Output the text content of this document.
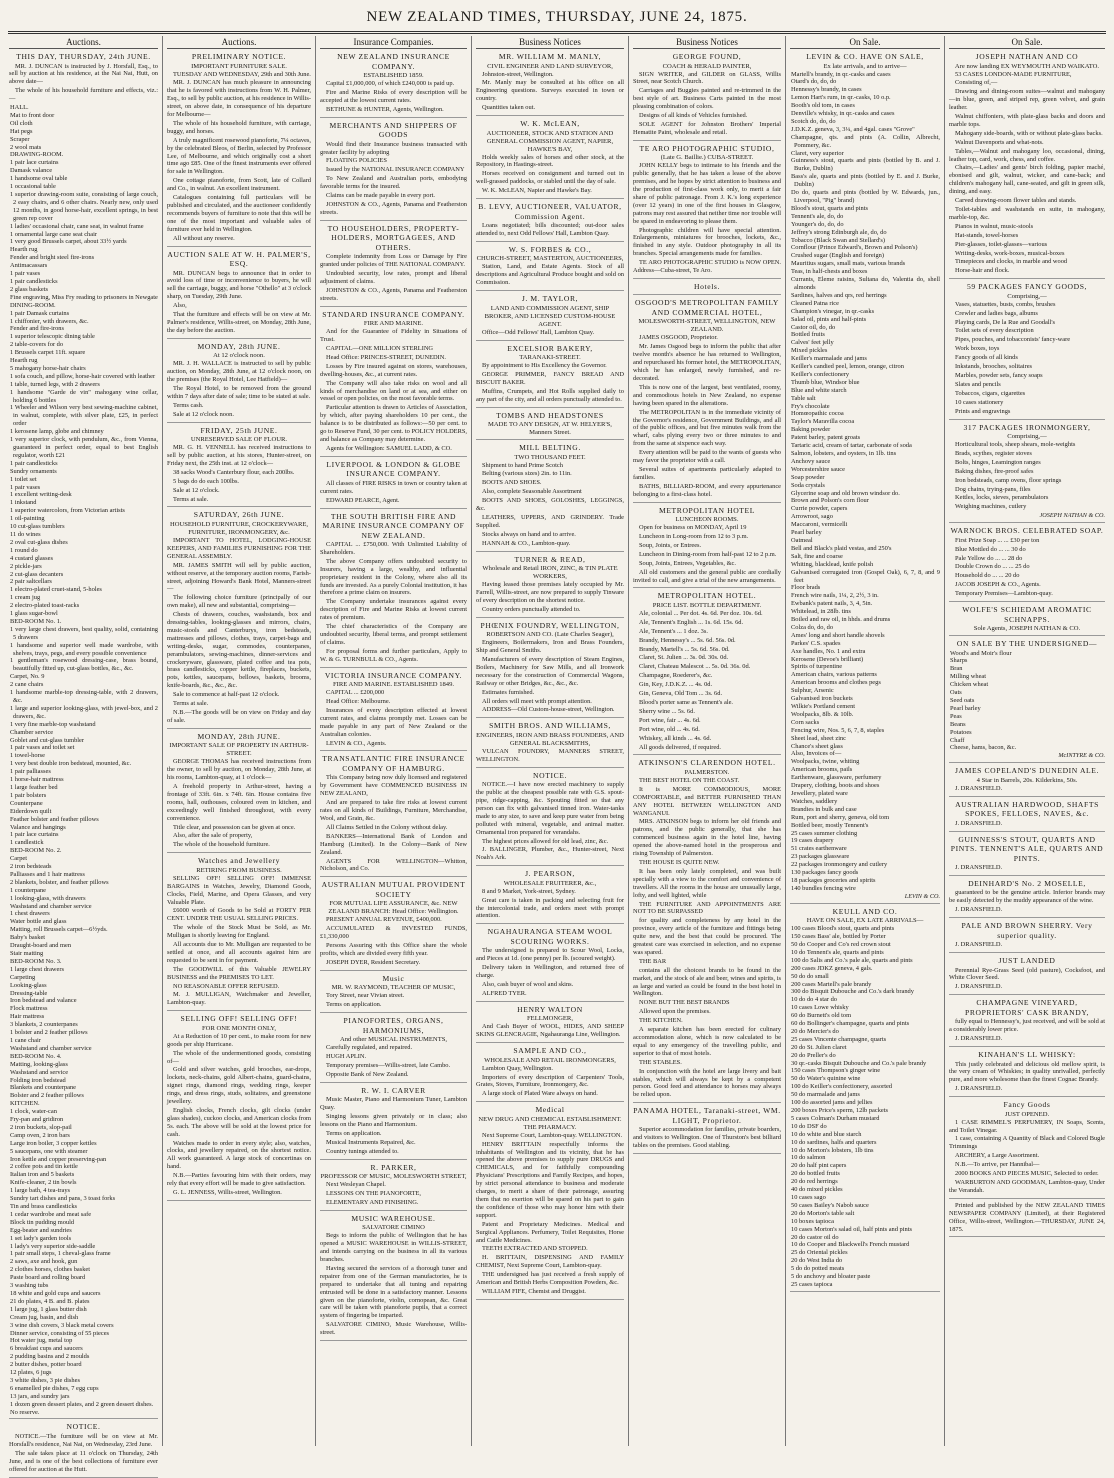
NEW ZEALAND TIMES, THURSDAY, JUNE 24, 1875.
Auctions.
THIS DAY, THURSDAY, 24th JUNE.

MR. J. DUNCAN is instructed by J. Horsfall, Esq., to sell by auction at his residence, at the Nai Nai, Hutt, on above date—

The whole of his household furniture and effects, viz.:—

HALL.
Mat to front door
Oil cloth
Hat pegs
Scraper
2 wool mats
DRAWING-ROOM.
1 pair lace curtains
Damask valance
1 handsome oval table
1 occasional table
1 superior drawing-room suite, consisting of large couch, 2 easy chairs, and 6 other chairs. Nearly new, only used 12 months, in good horse-hair, excellent springs, in best green rep cover
1 ladies' occasional chair, cane seat, in walnut frame
1 ornamental large cane seat chair
1 very good Brussels carpet, about 33½ yards
Hearth rug
Fender and bright steel fire-irons
Antimacassars
1 pair vases
1 pair candlesticks
2 glass baskets
Fine engraving, Miss Fry reading to prisoners in Newgate
DINING-ROOM.
1 pair Damask curtains
1 chiffonier, with drawers, &c.
Fender and fire-irons
1 superior telescopic dining table
2 table-covers for do
1 Brussels carpet 11ft. square
Hearth rug
5 mahogany horse-hair chairs
1 sofa couch, and pillow, horse-hair covered with leather
1 table, turned legs, with 2 drawers
1 handsome "Garde de vin" mahogany wine cellar, holding 6 bottles
1 Wheeler and Wilson very best sewing-machine cabinet, in walnut, complete, with silver plate, £25, in perfect order
1 kerosene lamp, globe and chimney
1 very superior clock, with pendulum, &c., from Vienna, guaranteed in perfect order, equal to best English regulator, worth £21
1 pair candlesticks
Sundry ornaments
1 toilet set
1 pair vases
1 excellent writing-desk
1 inkstand
1 superior watercolors, from Victorian artists
1 oil-painting
10 cut-glass tumblers
11 do wines
2 oval cut-glass dishes
1 round do
4 custard glasses
2 pickle-jars
2 cut-glass decanters
2 pair saltcellars
1 electro-plated cruet-stand, 5-holes
1 cream jug
2 electro-plated toast-racks
1 glass sugar-bowl
BED-ROOM No. 1.
1 very large chest drawers, best quality, solid, containing 5 drawers
1 handsome and superior well made wardrobe, with shelves, trays, pegs, and every possible convenience
1 gentleman's rosewood dressing-case, brass bound, beautifully fitted up, cut-glass bottles, &c., &c.
Carpet, No. 9
2 cane chairs
1 handsome marble-top dressing-table, with 2 drawers, &c.
1 large and superior looking-glass, with jewel-box, and 2 drawers, &c.
1 very fine marble-top washstand
Chamber service
Goblet and cut-glass tumbler
1 pair vases and toilet set
1 towel-horse
1 very best double iron bedstead, mounted, &c.
1 pair palliasses
1 horse-hair mattress
1 large feather bed
1 pair bolsters
Counterpane
Eiderdown quilt
Feather bolster and feather pillows
Valance and hangings
1 pair lace curtains
1 candlestick
BED-ROOM No. 2.
Carpet
2 iron bedsteads
Palliasses and 1 hair mattress
2 blankets, bolster, and feather pillows
1 counterpane
1 looking-glass, with drawers
Washstand and chamber service
1 chest drawers
Water bottle and glass
Matting, roll Brussels carpet—6½yds.
Baby's basket
Draught-board and men
Stair matting
BED-ROOM No. 3.
1 large chest drawers
Carpeting
Looking-glass
Dressing-table
Iron bedstead and valance
Flock mattress
Hair mattress
3 blankets, 2 counterpanes
1 bolster and 2 feather pillows
1 cane chair
Washstand and chamber service
BED-ROOM No. 4.
Matting, looking-glass
Washstand and service
Folding iron bedstead
Blankets and counterpane
Bolster and 2 feather pillows
KITCHEN.
1 clock, water-can
Fry-pan and gridiron
2 iron buckets, slop-pail
Camp oven, 2 iron bars
Large iron boiler, 3 copper kettles
5 saucepans, one with steamer
Iron kettle and copper preserving-pan
2 coffee pots and tin kettle
Italian iron and 5 baskets
Knife-cleaner, 2 tin bowls
1 large bath, 4 tea-trays
Sundry tart dishes and pans, 3 toast forks
Tin and brass candlesticks
1 cedar wardrobe and meat safe
Block tin pudding mould
Egg-beater and sundries
1 set lady's garden tools
1 lady's very superior side-saddle
1 pair small steps, 1 cheval-glass frame
2 saws, axe and hook, gun
2 clothes horses, clothes basket
Paste board and rolling board
3 washing tubs
18 white and gold cups and saucers
21 do plates, 4 B. and B. plates
1 large jug, 1 glass butter dish
Cream jug, basin, and dish
3 wine dish covers, 3 black metal covers
Dinner service, consisting of 55 pieces
Hot water jug, metal top
6 breakfast cups and saucers
2 pudding basins and 2 moulds
2 butter dishes, potter board
12 plates, 6 jugs
3 white dishes, 3 pie dishes
6 enamelled pie dishes, 7 egg cups
13 jars, and sundry jars
1 dozen green dessert plates, and 2 green dessert dishes.
No reserve.
NOTICE.

NOTICE.—The furniture will be on view at Mr. Horsfall's residence, Nai Nai, on Wednesday, 23rd June.

The sale takes place at 11 o'clock on Thursday, 24th June, and is one of the best collections of furniture ever offered for auction at the Hutt.

Auctions.
PRELIMINARY NOTICE.
IMPORTANT FURNITURE SALE.

TUESDAY AND WEDNESDAY, 29th and 30th June.

MR. J. DUNCAN has much pleasure in announcing that he is favored with instructions from W. H. Palmer, Esq., to sell by public auction, at his residence in Willis-street, on above date, in consequence of his departure for Melbourne—

The whole of his household furniture, with carriage, buggy, and horses.

A truly magnificent rosewood pianoforte, 7¼ octaves, by the celebrated Bleos, of Berlin, selected by Professor Lee, of Melbourne, and which originally cost a short time ago £85. One of the finest instruments ever offered for sale in Wellington.

One cottage pianoforte, from Scott, late of Collard and Co., in walnut. An excellent instrument.

Catalogues containing full particulars will be published and circulated, and the auctioneer confidently recommends buyers of furniture to note that this will be one of the most important and valuable sales of furniture ever held in Wellington.

All without any reserve.

AUCTION SALE AT W. H. PALMER'S, ESQ.

MR. DUNCAN begs to announce that in order to avoid loss of time or inconvenience to buyers, he will sell the carriage, buggy, and horse "Othello" at 3 o'clock sharp, on Tuesday, 29th June.

Also,

That the furniture and effects will be on view at Mr. Palmer's residence, Willis-street, on Monday, 28th June, the day before the auction.

MONDAY, 28th JUNE.
At 12 o'clock noon.

MR. J. H. WALLACE is instructed to sell by public auction, on Monday, 28th June, at 12 o'clock noon, on the premises (the Royal Hotel, Lee Hatfield)—

The Royal Hotel, to be removed from the ground within 7 days after date of sale; time to be stated at sale.

Terms cash.

Sale at 12 o'clock noon.

FRIDAY, 25th JUNE.
UNRESERVED SALE OF FLOUR.

MR. G. H. VENNELL has received instructions to sell by public auction, at his stores, Hunter-street, on Friday next, the 25th inst. at 12 o'clock—

38 sacks Wood's Canterbury flour, each 200lbs.

5 bags do do each 100lbs.

Sale at 12 o'clock.

Terms at sale.

SATURDAY, 26th JUNE.
HOUSEHOLD FURNITURE, CROCKERYWARE, FURNITURE, IRONMONGERY, &c.

IMPORTANT TO HOTEL, LODGING-HOUSE KEEPERS, AND FAMILIES FURNISHING FOR THE GENERAL ASSEMBLY.

MR. JAMES SMITH will sell by public auction, without reserve, at the temporary auction rooms, Farish-street, adjoining Howard's Bank Hotel, Manners-street—

The following choice furniture (principally of our own make), all new and substantial, comprising—

Chests of drawers, couches, washstands, box and dressing-tables, looking-glasses and mirrors, chairs, music-stools and Canterburys, iron bedsteads, mattresses and pillows, clothes, trays, carpet-bags and writing-desks, sugar, commodes, counterpanes, perambulators, sewing-machines, dinner-services and crockeryware, glassware, plated coffee and tea pots, brass candlesticks, copper kettle, fireplaces, buckets, pots, kettles, saucepans, bellows, baskets, brooms, knife-boards, &c., &c., &c.

Sale to commence at half-past 12 o'clock.

Terms at sale.

N.B.—The goods will be on view on Friday and day of sale.

MONDAY, 28th JUNE.
IMPORTANT SALE OF PROPERTY IN ARTHUR-STREET.

GEORGE THOMAS has received instructions from the owner, to sell by auction, on Monday, 28th June, at his rooms, Lambton-quay, at 1 o'clock—

A freehold property in Arthur-street, having a frontage of 33ft. 6in. x 74ft. 6in. House contains five rooms, hall, outhouses, coloured oven in kitchen, and exceedingly well finished throughout, with every convenience.

Title clear, and possession can be given at once.

Also, after the sale of property,

The whole of the household furniture.

Watches and Jewellery
RETIRING FROM BUSINESS.

SELLING OFF! SELLING OFF! IMMENSE BARGAINS in Watches, Jewelry, Diamond Goods, Clocks, Field, Marine, and Opera Glasses, and very Valuable Plate.

£6000 worth of Goods to be Sold at FORTY PER CENT. UNDER THE USUAL SELLING PRICES.

The whole of the Stock Must be Sold, as Mr. Mulligan is shortly leaving for England.

All accounts due to Mr. Mulligan are requested to be settled at once, and all accounts against him are requested to be sent in for payment.

The GOODWILL of this Valuable JEWELRY BUSINESS and the PREMISES TO LET.

NO REASONABLE OFFER REFUSED.

M. J. MULLIGAN, Watchmaker and Jeweller, Lambton-quay.

SELLING OFF! SELLING OFF!
FOR ONE MONTH ONLY,

At a Reduction of 10 per cent., to make room for new goods per ship Hurricane.

The whole of the undermentioned goods, consisting of—

Gold and silver watches, gold brooches, ear-drops, lockets, neck-chains, gold Albert-chains, guard-chains, signet rings, diamond rings, wedding rings, keeper rings, and dress rings, studs, solitaires, and greenstone jewellery.

English clocks, French clocks, gilt clocks (under glass shades), cuckoo clocks, and American clocks from 5s. each. The above will be sold at the lowest price for cash.

Watches made to order in every style; also, watches, clocks, and jewellery repaired, on the shortest notice. All work guaranteed. A large stock of concertinas on hand.

N.B.—Parties favouring him with their orders, may rely that every effort will be made to give satisfaction.

G. L. JENNESS, Willis-street, Wellington.

Insurance Companies.
NEW ZEALAND INSURANCE COMPANY.
ESTABLISHED 1859.

Capital £1,000,000, of which £240,000 is paid up.

Fire and Marine Risks of every description will be accepted at the lowest current rates.

BETHUNE & HUNTER, Agents, Wellington.

MERCHANTS AND SHIPPERS OF GOODS

Would find their Insurance business transacted with greater facility by adopting

FLOATING POLICIES

Issued by the NATIONAL INSURANCE COMPANY

To New Zealand and Australian ports, embodying favorable terms for the insured.

Claims can be made payable in every port.

JOHNSTON & CO., Agents, Panama and Featherston streets.

TO HOUSEHOLDERS, PROPERTY-HOLDERS, MORTGAGEES, AND OTHERS.

Complete indemnity from Loss or Damage by Fire granted under policies of THE NATIONAL COMPANY.

Undoubted security, low rates, prompt and liberal adjustment of claims.

JOHNSTON & CO., Agents, Panama and Featherston streets.

STANDARD INSURANCE COMPANY.
FIRE AND MARINE.

And for the Guarantee of Fidelity in Situations of Trust.

CAPITAL—ONE MILLION STERLING

Head Office: PRINCES-STREET, DUNEDIN.

Losses by Fire insured against on stores, warehouses, dwelling-houses, &c., at current rates.

The Company will also take risks on wool and all kinds of merchandise on land or at sea, and either on vessel or open policies, on the most favorable terms.

Particular attention is drawn to Articles of Association, by which, after paying shareholders 10 per cent., the balance is to be distributed as follows:—50 per cent. to go to Reserve Fund, 30 per cent. to POLICY HOLDERS, and balance as Company may determine.

Agents for Wellington: SAMUEL LADD, & CO.

LIVERPOOL & LONDON & GLOBE INSURANCE COMPANY.

All classes of FIRE RISKS in town or country taken at current rates.

EDWARD PEARCE, Agent.

THE SOUTH BRITISH FIRE AND MARINE INSURANCE COMPANY OF NEW ZEALAND.

CAPITAL ... £750,000. With Unlimited Liability of Shareholders.

The above Company offers undoubted security to Insurers, having a large, wealthy, and influential proprietary resident in the Colony, where also all its funds are invested. As a purely Colonial institution, it has therefore a prime claim on insurers.

The Company undertake insurances against every description of Fire and Marine Risks at lowest current rates of premium.

The chief characteristics of the Company are undoubted security, liberal terms, and prompt settlement of claims.

For proposal forms and further particulars, Apply to W. & G. TURNBULL & CO., Agents.

VICTORIA INSURANCE COMPANY.
FIRE AND MARINE. ESTABLISHED 1849.

CAPITAL ... £200,000

Head Office: Melbourne.

Insurances of every description effected at lowest current rates, and claims promptly met. Losses can be made payable in any part of New Zealand or the Australian colonies.

LEVIN & CO., Agents.

TRANSATLANTIC FIRE INSURANCE COMPANY OF HAMBURG.

This Company being now duly licensed and registered by Government have COMMENCED BUSINESS IN NEW ZEALAND,

And are prepared to take fire risks at lowest current rates on all kinds of Buildings, Furniture, Merchandise, Wool, and Grain, &c.

All Claims Settled in the Colony without delay.

BANKERS—International Bank of London and Hamburg (Limited). In the Colony—Bank of New Zealand.

AGENTS FOR WELLINGTON—Whitton, Nicholson, and Co.

AUSTRALIAN MUTUAL PROVIDENT SOCIETY
FOR MUTUAL LIFE ASSURANCE, &c. NEW ZEALAND BRANCH: Head Office: Wellington.

PRESENT ANNUAL REVENUE, £400,000.

ACCUMULATED & INVESTED FUNDS, £1,330,000

Persons Assuring with this Office share the whole profits, which are divided every fifth year.

JOSEPH DYER, Resident Secretary.

Music
MR. W. RAYMOND, TEACHER OF MUSIC,

Tory Street, near Vivian street.

Terms on application.

PIANOFORTES, ORGANS, HARMONIUMS,
And other MUSICAL INSTRUMENTS,

Carefully regulated, and repaired.

HUGH APLIN.

Temporary premises—Willis-street, late Cambo.

Opposite Bank of New Zealand.

R. W. I. CARVER

Music Master, Piano and Harmonium Tuner, Lambton Quay.

Singing lessons given privately or in class; also lessons on the Piano and Harmonium.

Terms on application.

Musical Instruments Repaired, &c.

Country tunings attended to.

R. PARKER,
PROFESSOR OF MUSIC, MOLESWORTH STREET,

Next Wesleyan Chapel.

LESSONS ON THE PIANOFORTE,

ELEMENTARY AND FINISHING.

MUSIC WAREHOUSE.
SALVATORE CIMINO

Begs to inform the public of Wellington that he has opened a MUSIC WAREHOUSE in WILLIS-STREET, and intends carrying on the business in all its various branches.

Having secured the services of a thorough tuner and repairer from one of the German manufactories, he is prepared to undertake that all tuning and repairing entrusted will be done in a satisfactory manner. Lessons given on the pianoforte, violin, cornopean, &c. Great care will be taken with pianoforte pupils, that a correct system of fingering be imparted.

SALVATORE CIMINO, Music Warehouse, Willis-street.

Business Notices
MR. WILLIAM M. MANLY,
CIVIL ENGINEER AND LAND SURVEYOR,

Johnston-street, Wellington.

Mr. Manly may be consulted at his office on all Engineering questions. Surveys executed in town or country.

Quantities taken out.

W. K. McLEAN,
AUCTIONEER, STOCK AND STATION AND GENERAL COMMISSION AGENT, NAPIER, HAWKE'S BAY,

Holds weekly sales of horses and other stock, at the Repository, in Hastings-street.

Horses received on consignment and turned out in well-grassed paddocks, or stabled until the day of sale.

W. K. McLEAN, Napier and Hawke's Bay.

B. LEVY, AUCTIONEER, VALUATOR, Commission Agent.

Loans negotiated; bills discounted; out-door sales attended to, next Odd Fellows' Hall, Lambton Quay.

W. S. FORBES & CO.,
CHURCH-STREET, MASTERTON, AUCTIONEERS,

Station, Land, and Estate Agents. Stock of all descriptions and Agricultural Produce bought and sold on Commission.

J. M. TAYLOR,
LAND AND COMMISSION AGENT, SHIP BROKER, AND LICENSED CUSTOM-HOUSE AGENT.

Office—Odd Fellows' Hall, Lambton Quay.

EXCELSIOR BAKERY,
TARANAKI-STREET.

By appointment to His Excellency the Governor.

GEORGE PRIMMER, FANCY BREAD AND BISCUIT BAKER.

Muffins, Crumpets, and Hot Rolls supplied daily to any part of the city, and all orders punctually attended to.

TOMBS AND HEADSTONES
MADE TO ANY DESIGN, AT W. HELYER'S, Manners Street.
MILL BELTING.
TWO THOUSAND FEET.

Shipment to hand Prime Scotch

Belting (various sizes) 2in. to 11in.

BOOTS AND SHOES.

Also, complete Seasonable Assortment

BOOTS AND SHOES, GOLOSHES, LEGGINGS, &c.

LEATHERS, UPPERS, AND GRINDERY. Trade Supplied.

Stocks always on hand and to arrive.

HANNAH & CO., Lambton-quay.

TURNER & READ,
Wholesale and Retail IRON, ZINC, & TIN PLATE WORKERS,

Having leased those premises lately occupied by Mr. Farrell, Willis-street, are now prepared to supply Tinware of every description on the shortest notice.

Country orders punctually attended to.

PHŒNIX FOUNDRY, WELLINGTON,
ROBERTSON AND CO. (Late Charles Seager),

Engineers, Boilermakers, Iron and Brass Founders, Ship and General Smiths.

Manufacturers of every description of Steam Engines, Boilers, Machinery for Saw Mills, and all Ironwork necessary for the construction of Commercial Wagons, Railway or other Bridges, &c., &c., &c.

Estimates furnished.

All orders will meet with prompt attention.

ADDRESS—Old Custom-house-street, Wellington.

SMITH BROS. AND WILLIAMS,
ENGINEERS, IRON AND BRASS FOUNDERS, AND GENERAL BLACKSMITHS,

VULCAN FOUNDRY, MANNERS STREET, WELLINGTON.

NOTICE.

NOTICE.—I have now erected machinery to supply the public at the cheapest possible rate with G.S. spout-pipe, ridge-capping, &c. Spouting fitted so that any person can fix with galvanised tinned iron. Water-tanks made to any size, to save and keep pure water from being polluted with mineral, vegetable, and animal matter. Ornamental iron prepared for verandahs.

The highest prices allowed for old lead, zinc, &c.

J. BALLINGER, Plumber, &c., Hunter-street, Next Noah's Ark.

J. PEARSON,
WHOLESALE FRUITERER, &c.,

8 and 9 Market, York-street, Sydney.

Great care is taken in packing and selecting fruit for the intercolonial trade, and orders meet with prompt attention.

NGAHAURANGA STEAM WOOL SCOURING WORKS.

The undersigned is prepared to Scour Wool, Locks, and Pieces at 1d. (one penny) per lb. (scoured weight).

Delivery taken in Wellington, and returned free of charge.

Also, cash buyer of wool and skins.

ALFRED TYER.

HENRY WALTON
FELLMONGER,

And Cash Buyer of WOOL, HIDES, AND SHEEP SKINS GLENCRAGIE, Ngahauranga Line, Wellington.

SAMPLE AND CO.,
WHOLESALE AND RETAIL IRONMONGERS,

Lambton Quay, Wellington.

Importers of every description of Carpenters' Tools, Grates, Stoves, Furniture, Ironmongery, &c.

A large stock of Plated Ware always on hand.

Medical
NEW DRUG AND CHEMICAL ESTABLISHMENT. THE PHARMACY.

Next Supreme Court, Lambton-quay. WELLINGTON.

HENRY BRITTAIN respectfully informs the inhabitants of Wellington and its vicinity, that he has opened the above premises to supply pure DRUGS and CHEMICALS, and for faithfully compounding Physicians' Prescriptions and Family Recipes, and hopes, by strict personal attendance to business and moderate charges, to merit a share of their patronage, assuring them that no exertion will be spared on his part to gain the confidence of those who may honor him with their support.

Patent and Proprietary Medicines. Medical and Surgical Appliances. Perfumery, Toilet Requisites, Horse and Cattle Medicines.

TEETH EXTRACTED AND STOPPED.

H. BRITTAIN, DISPENSING AND FAMILY CHEMIST, Next Supreme Court, Lambton-quay.

THE undersigned has just received a fresh supply of American and British Herbs Composition Powders, &c.

WILLIAM FIFE, Chemist and Druggist.

Business Notices
GEORGE FOUND,
COACH & HERALD PAINTER,

SIGN WRITER, and GILDER on GLASS, Willis Street, near Scotch Church.

Carriages and Buggies painted and re-trimmed in the best style of art. Business Carts painted in the most pleasing combination of colors.

Designs of all kinds of Vehicles furnished.

SOLE AGENT for Johnston Brothers' Imperial Hematite Paint, wholesale and retail.

TE ARO PHOTOGRAPHIC STUDIO,
(Late G. Baillie.) CUBA-STREET.

JOHN KELLY begs to intimate to his friends and the public generally, that he has taken a lease of the above premises, and he hopes by strict attention to business and the production of first-class work only, to merit a fair share of public patronage. From J. K.'s long experience (over 12 years) in one of the first houses in Glasgow, patrons may rest assured that neither time nor trouble will be spared in endeavoring to please them.

Photographic children will have special attention. Enlargements, miniatures for brooches, lockets, &c., finished in any style. Outdoor photography in all its branches. Special arrangements made for families.

TE ARO PHOTOGRAPHIC STUDIO is NOW OPEN. Address—Cuba-street, Te Aro.

Hotels.
OSGOOD'S METROPOLITAN FAMILY AND COMMERCIAL HOTEL,
MOLESWORTH-STREET, WELLINGTON, NEW ZEALAND.

JAMES OSGOOD, Proprietor.

Mr. James Osgood begs to inform the public that after twelve month's absence he has returned to Wellington, and repurchased his former hotel, the METROPOLITAN, which he has enlarged, newly furnished, and re-decorated.

This is now one of the largest, best ventilated, roomy, and commodious hotels in New Zealand, no expense having been spared in the alterations.

The METROPOLITAN is in the immediate vicinity of the Governor's residence, Government Buildings, and all of the public offices, and but five minutes walk from the wharf, cabs plying every two or three minutes to and from the same at sixpence each way.

Every attention will be paid to the wants of guests who may favor the proprietor with a call.

Several suites of apartments particularly adapted to families.

BATHS, BILLIARD-ROOM, and every appurtenance belonging to a first-class hotel.

METROPOLITAN HOTEL
LUNCHEON ROOMS.

Open for business on MONDAY, April 19

Luncheon in Long-room from 12 to 3 p.m.

Soup, Joints, or Entrees.

Luncheon in Dining-room from half-past 12 to 2 p.m.

Soup, Joints, Entrees, Vegetables, &c.

All old customers and the general public are cordially invited to call, and give a trial of the new arrangements.

METROPOLITAN HOTEL.
PRICE LIST. BOTTLE DEPARTMENT.

Ale, colonial ... Per dot. 4s. 6d. Per doz. 10s. 6d.

Ale, Tennent's English ... 1s. 6d. 15s. 6d.

Ale, Tennent's ... 1 doz. 3s.

Brandy, Hennessy's ... 5s. 6d. 56s. 0d.

Brandy, Martell's ... 5s. 6d. 56s. 0d.

Claret, St. Julien ... 3s. 0d. 30s. 0d.

Claret, Chateau Malescot ... 5s. 0d. 36s. 0d.

Champagne, Roederer's, &c.

Gin, Key, J.D.K.Z. ... 4s. 0d.

Gin, Geneva, Old Tom ... 3s. 6d.

Blood's porter same as Tennent's ale.

Sherry wine ... 5s. 6d.

Port wine, fair ... 4s. 6d.

Port wine, old ... 4s. 6d.

Whiskey, all kinds ... 4s. 6d.

All goods delivered, if required.

ATKINSON'S CLARENDON HOTEL.
PALMERSTON.

THE BEST HOTEL ON THE COAST.

It is MORE COMMODIOUS, MORE COMFORTABLE, and BETTER FURNISHED THAN ANY HOTEL BETWEEN WELLINGTON AND WANGANUI.

MRS. ATKINSON begs to inform her old friends and patrons, and the public generally, that she has commenced business again in the hotel line, having opened the above-named hotel in the prosperous and rising Township of Palmerston.

THE HOUSE IS QUITE NEW.

It has been only lately completed, and was built specially with a view to the comfort and convenience of travellers. All the rooms in the house are unusually large, lofty, and well lighted, while

THE FURNITURE AND APPOINTMENTS ARE NOT TO BE SURPASSED

for quality and completeness by any hotel in the province, every article of the furniture and fittings being quite new, and the best that could be procured. The greatest care was exercised in selection, and no expense was spared.

THE BAR

contains all the choicest brands to be found in the market, and the stock of ale and beer, wines and spirits, is as large and varied as could be found in the best hotel in Wellington.

NONE BUT THE BEST BRANDS

Allowed upon the premises.

THE KITCHEN.

A separate kitchen has been erected for culinary accommodation alone, which is now calculated to be equal to any emergency of the travelling public, and superior to that of most hotels.

THE STABLES.

In conjunction with the hotel are large livery and bait stables, which will always be kept by a competent person. Good feed and attendance to horses may always be relied upon.

PANAMA HOTEL, Taranaki-street, WM. LIGHT, Proprietor.

Superior accommodation for families, private boarders, and visitors to Wellington. One of Thurston's best billiard tables on the premises. Good stabling.

On Sale.
LEVIN & CO. HAVE ON SALE,
Ex late arrivals, and to arrive—
Martell's brandy, in qr.-casks and cases
Otard's do, do, do
Hennessy's brandy, in cases
Lemon Hart's rum, in qr.-casks, 10 o.p.
Booth's old tom, in cases
Denville's whisky, in qr.-casks and cases
Scotch do, do, do
J.D.K.Z. geneva, 3, 3¼, and 4gal. cases "Grove"
Champagne, qts. and pints (A. Collin, Albrecht, Pommery, &c.
Claret, very superior
Guinness's stout, quarts and pints (bottled by B. and J. Burke, Dublin)
Bass's ale, quarts and pints (bottled by E. and J. Burke, Dublin)
Do do, quarts and pints (bottled by W. Edwards, jun., Liverpool, "Pig" brand)
Blood's stout, quarts and pints
Tennent's ale, do, do
Younger's do, do, do
Jeffrey's strong Edinburgh ale, do, do
Tobacco (Black Swan and Stellard's)
Cornflour (Prince Edward's, Brown and Polson's)
Crushed sugar (English and foreign)
Mauritius sugars, small mats, various brands
Teas, in half-chests and boxes
Currants, Eleme raisins, Sultana do, Valentia do, shell almonds
Sardines, halves and qrs, red herrings
Cleaned Patna rice
Champion's vinegar, in qr.-casks
Salad oil, pints and half-pints
Castor oil, do, do
Bottled fruits
Calves' feet jelly
Mixed pickles
Keiller's marmalade and jams
Keiller's candied peel, lemon, orange, citron
Keiller's confectionery
Thumb blue, Windsor blue
Blue and white starch
Table salt
Fry's chocolate
Homœopathic cocoa
Taylor's Maravilla cocoa
Baking powder
Patent barley, patent groats
Tartaric acid, cream of tartar, carbonate of soda
Salmon, lobsters, and oysters, in 1lb. tins
Anchovy sauce
Worcestershire sauce
Soap powder
Soda crystals
Glycerine soap and old brown windsor do.
Brown and Polson's corn flour
Currie powder, capers
Arrowroot, sago
Maccaroni, vermicelli
Pearl barley
Oatmeal
Bell and Black's plaid vestas, and 250's
Salt, fine and coarse
Whiting, blacklead, knife polish
Galvanised corrugated iron (Gospel Oak), 6, 7, 8, and 9 feet
Floor brads
French wire nails, 1¼, 2, 2½, 3 in.
Ewbank's patent nails, 3, 4, 5in.
Whitelead, in 28lb. tins
Boiled and raw oil, in hhds. and drums
Colza do, do, do
Ames' long and short handle shovels
Parkes' C.S. spades
Axe handles, No. 1 and extra
Kerosene (Devoe's brilliant)
Spirits of turpentine
American chairs, various patterns
American brooms and clothes pegs
Sulphur, Arsenic
Galvanised iron buckets
Wilkie's Portland cement
Woolpacks, 8lb. & 10lb.
Corn sacks
Fencing wire, Nos. 5, 6, 7, 8, staples
Sheet lead, sheet zinc
Chance's sheet glass
Also, Invoices of—
Woolpacks, twine, whiting
American brooms, pails
Earthenware, glassware, perfumery
Drapery, clothing, boots and shoes
Jewellery, plated ware
Watches, saddlery
Brandies in bulk and case
Rum, port and sherry, geneva, old tom
Bottled beer, mostly Tennent's
25 cases summer clothing
19 cases drapery
51 crates earthenware
23 packages glassware
22 packages ironmongery and cutlery
130 packages fancy goods
18 packages groceries and spirits
140 bundles fencing wire
LEVIN & CO.
KEULL AND CO.
HAVE ON SALE, EX LATE ARRIVALS—
100 cases Blood's stout, quarts and pints
150 cases Bass' ale, bottled by Porter
50 do Cooper and Co's red crown stout
10 do Tennent's ale, quarts and pints
100 do Salis and Co.'s pale ale, quarts and pints
200 cases JDKZ geneva, 4 gals.
50 do do small
200 cases Martell's pale brandy
300 do Bisquit Dubouche and Co.'s dark brandy
10 do do 4 star do
10 cases Lowe whisky
60 do Burnett's old tom
60 do Bollinger's champagne, quarts and pints
20 do Mercier's do
25 cases Vincente champagne, quarts
20 do St. Julien claret
20 do Preller's do
30 qr.-casks Bisquit Dubouche and Co.'s pale brandy
150 cases Thompson's ginger wine
50 do Water's quinine wine
100 do Keiller's confectionery, assorted
50 do marmalade and jams
100 do assorted jams and jellies
200 boxes Price's sperm, 12lb packets
5 cases Colman's Durham mustard
10 do DSF do
10 do white and blue starch
10 do sardines, halfs and quarters
10 do Morton's lobsters, 1lb tins
10 do salmon
20 do half pint capers
20 do bottled fruits
20 do red herrings
40 do mixed pickles
10 cases sago
50 cases Bailey's Nabob sauce
20 do Morton's table salt
10 boxes tapioca
10 cases Morton's salad oil, half pints and pints
20 do castor oil do
10 do Cooper and Blackwell's French mustard
25 do Oriental pickles
20 do West India do
5 do do potted meats
5 do anchovy and bloater paste
25 cases tapioca
On Sale.
JOSEPH NATHAN AND CO
Are now landing EX WEYMOUTH AND WAIKATO.

53 CASES LONDON-MADE FURNITURE,

Consisting of,—

Drawing and dining-room suites—walnut and mahogany—in blue, green, and striped rep, green velvet, and grain leather.

Walnut chiffoniers, with plate-glass backs and doors and marble tops.

Mahogany side-boards, with or without plate-glass backs.

Walnut Davenports and what-nots.

Tables,—Walnut and mahogany loo, occasional, dining, leather top, card, work, chess, and coffee.

Chairs,—Ladies' and gents' birch folding, papier maché, ebonised and gilt, walnut, wicker, and cane-back; and children's mahogany hall, cane-seated, and gilt in green silk, dining, and easy.

Carved drawing-room flower tables and stands.

Toilet-tables and washstands en suite, in mahogany, marble-top, &c.

Pianos in walnut, music-stools

Hat-stands, towel-horses

Pier-glasses, toilet-glasses—various

Writing-desks, work-boxes, musical-boxes

Timepieces and clocks, in marble and wood

Horse-hair and flock.

59 PACKAGES FANCY GOODS,
Comprising,—

Vases, statuettes, busts, combs, brushes

Crewler and ladies bags, albums

Playing cards, De la Rue and Goodall's

Toilet sets of every description

Pipes, pouches, and tobacconists' fancy-ware

Work boxes, toys

Fancy goods of all kinds

Inkstands, brooches, solitaires

Marbles, powder sets, fancy soaps

Slates and pencils

Tobaccos, cigars, cigarettes

10 cases stationery

Prints and engravings

317 PACKAGES IRONMONGERY,
Comprising,—

Horticultural tools, sheep shears, mole-weights

Brads, scythes, register stoves

Bolts, hinges, Leamington ranges

Baking dishes, fire-proof safes

Iron bedsteads, camp ovens, floor springs

Dog chains, trying-pans, files

Kettles, locks, sieves, perambulators

Weighing machines, cutlery

JOSEPH NATHAN & CO.
WARNOCK BROS. CELEBRATED SOAP.

First Prize Soap ... ... £30 per ton

Blue Mottled do ... ... 30 do

Pale Yellow do ... ... 28 do

Double Crown do ... ... 25 do

Household do ... ... 20 do

JACOB JOSEPH & CO., Agents.

Temporary Premises—Lambton-quay.

WOLFE'S SCHIEDAM AROMATIC SCHNAPPS.
Sole Agents, JOSEPH NATHAN & CO.
ON SALE BY THE UNDERSIGNED—
Wood's and Moir's flour
Sharps
Bran
Milling wheat
Chicken wheat
Oats
Seed oats
Pearl barley
Peas
Beans
Potatoes
Chaff
Cheese, hams, bacon, &c.
McINTYRE & CO.
JAMES COPELAND'S DUNEDIN ALE.
4 Star in Barrels, 20s. Kilderkins, 50s.

J. DRANSFIELD.

AUSTRALIAN HARDWOOD, SHAFTS SPOKES, FELLOES, NAVES, &c.

J. DRANSFIELD.

GUINNESS'S STOUT, QUARTS AND PINTS. TENNENT'S ALE, QUARTS AND PINTS.

J. DRANSFIELD.

DEINHARD'S No. 2 MOSELLE,

guaranteed to be the genuine article. Inferior brands may be easily detected by the muddy appearance of the wine.

J. DRANSFIELD.

PALE AND BROWN SHERRY. Very superior quality.

J. DRANSFIELD.

JUST LANDED

Perennial Rye-Grass Seed (old pasture), Cocksfoot, and White Clover Seed.

J. DRANSFIELD.

CHAMPAGNE VINEYARD, PROPRIETORS' CASK BRANDY,

fully equal to Hennessy's, just received, and will be sold at a considerably lower price.

J. DRANSFIELD.

KINAHAN'S LL WHISKY:

This justly celebrated and delicious old mellow spirit, is the very cream of Whiskies; in quality unrivalled, perfectly pure, and more wholesome than the finest Cognac Brandy.

J. DRANSFIELD.

Fancy Goods
JUST OPENED.

1 CASE RIMMEL'S PERFUMERY, IN Soaps, Scents, and Toilet Vinegar.

1 case, containing A Quantity of Black and Colored Bugle Trimmings

ARCHERY, a Large Assortment.

N.B.—To arrive, per Hannibal—

2000 BOOKS AND PIECES MUSIC, Selected to order.

WARBURTON AND GOODMAN, Lambton-quay, Under the Verandah.

Printed and published by the NEW ZEALAND TIMES NEWSPAPER COMPANY (Limited), at their Registered Office, Willis-street, Wellington.—THURSDAY, JUNE 24, 1875.
